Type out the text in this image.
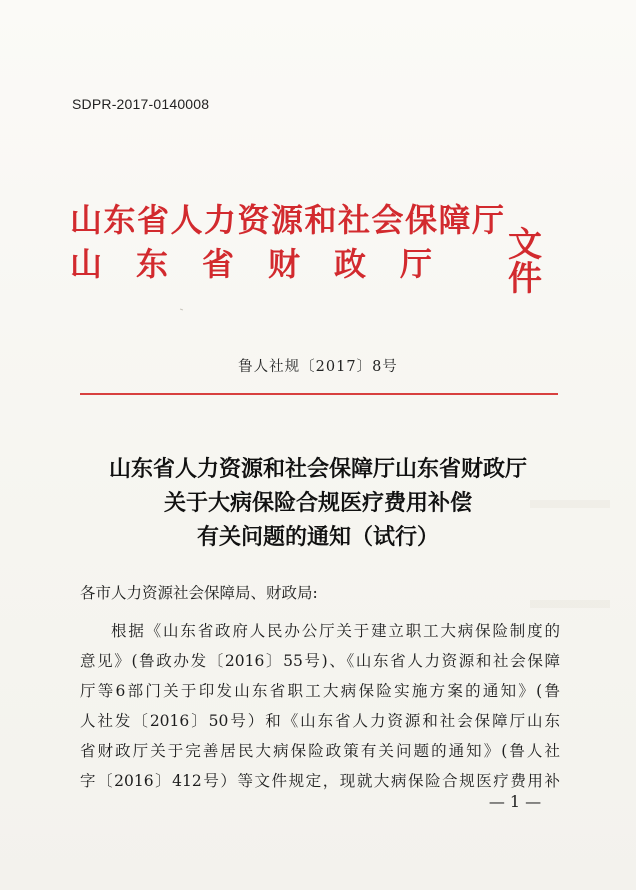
SDPR-2017-0140008
山东省人力资源和社会保障厅
山东省财政厅 文件
鲁人社规〔2017〕8号
山东省人力资源和社会保障厅山东省财政厅
关于大病保险合规医疗费用补偿
有关问题的通知（试行）
各市人力资源社会保障局、财政局:

根据《山东省政府人民办公厅关于建立职工大病保险制度的

意见》(鲁政办发〔2016〕55号)、《山东省人力资源和社会保障

厅等6部门关于印发山东省职工大病保险实施方案的通知》(鲁

人社发〔2016〕50号）和《山东省人力资源和社会保障厅山东

省财政厅关于完善居民大病保险政策有关问题的通知》(鲁人社

字〔2016〕412号）等文件规定，现就大病保险合规医疗费用补

— 1 —
